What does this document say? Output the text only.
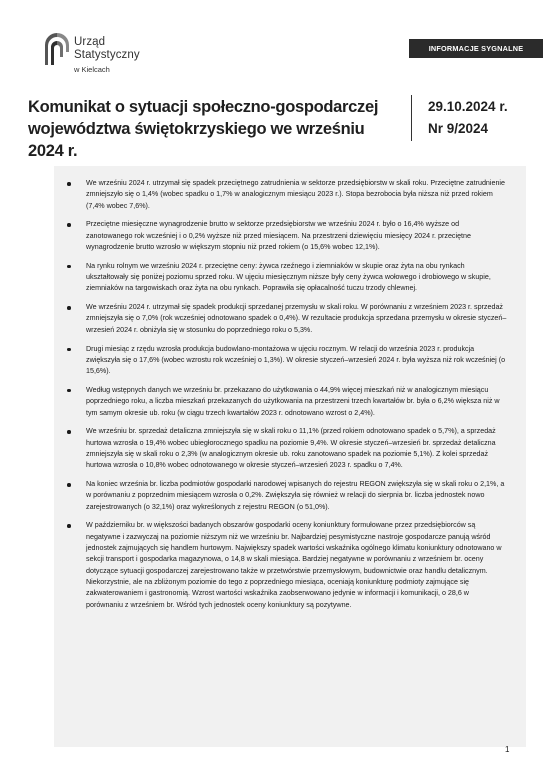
Urząd Statystyczny
w Kielcach
INFORMACJE SYGNALNE
Komunikat o sytuacji społeczno-gospodarczej
województwa świętokrzyskiego we wrześniu 2024 r.
29.10.2024 r.
Nr 9/2024
We wrześniu 2024 r. utrzymał się spadek przeciętnego zatrudnienia w sektorze przedsiębiorstw w skali roku. Przeciętne zatrudnienie zmniejszyło się o 1,4% (wobec spadku o 1,7% w analogicznym miesiącu 2023 r.). Stopa bezrobocia była niższa niż przed rokiem (7,4% wobec 7,6%).
Przeciętne miesięczne wynagrodzenie brutto w sektorze przedsiębiorstw we wrześniu 2024 r. było o 16,4% wyższe od zanotowanego rok wcześniej i o 0,2% wyższe niż przed miesiącem. Na przestrzeni dziewięciu miesięcy 2024 r. przeciętne wynagrodzenie brutto wzrosło w większym stopniu niż przed rokiem (o 15,6% wobec 12,1%).
Na rynku rolnym we wrześniu 2024 r. przeciętne ceny: żywca rzeźnego i ziemniaków w skupie oraz żyta na obu rynkach ukształtowały się poniżej poziomu sprzed roku. W ujęciu miesięcznym niższe były ceny żywca wołowego i drobiowego w skupie, ziemniaków na targowiskach oraz żyta na obu rynkach. Poprawiła się opłacalność tuczu trzody chlewnej.
We wrześniu 2024 r. utrzymał się spadek produkcji sprzedanej przemysłu w skali roku. W porównaniu z wrześniem 2023 r. sprzedaż zmniejszyła się o 7,0% (rok wcześniej odnotowano spadek o 0,4%). W rezultacie produkcja sprzedana przemysłu w okresie styczeń–wrzesień 2024 r. obniżyła się w stosunku do poprzedniego roku o 5,3%.
Drugi miesiąc z rzędu wzrosła produkcja budowlano-montażowa w ujęciu rocznym. W relacji do września 2023 r. produkcja zwiększyła się o 17,6% (wobec wzrostu rok wcześniej o 1,3%). W okresie styczeń–wrzesień 2024 r. była wyższa niż rok wcześniej (o 15,6%).
Według wstępnych danych we wrześniu br. przekazano do użytkowania o 44,9% więcej mieszkań niż w analogicznym miesiącu poprzedniego roku, a liczba mieszkań przekazanych do użytkowania na przestrzeni trzech kwartałów br. była o 6,2% większa niż w tym samym okresie ub. roku (w ciągu trzech kwartałów 2023 r. odnotowano wzrost o 2,4%).
We wrześniu br. sprzedaż detaliczna zmniejszyła się w skali roku o 11,1% (przed rokiem odnotowano spadek o 5,7%), a sprzedaż hurtowa wzrosła o 19,4% wobec ubiegłorocznego spadku na poziomie 9,4%. W okresie styczeń–wrzesień br. sprzedaż detaliczna zmniejszyła się w skali roku o 2,3% (w analogicznym okresie ub. roku zanotowano spadek na poziomie 5,1%). Z kolei sprzedaż hurtowa wzrosła o 10,8% wobec odnotowanego w okresie styczeń–wrzesień 2023 r. spadku o 7,4%.
Na koniec września br. liczba podmiotów gospodarki narodowej wpisanych do rejestru REGON zwiększyła się w skali roku o 2,1%, a w porównaniu z poprzednim miesiącem wzrosła o 0,2%. Zwiększyła się również w relacji do sierpnia br. liczba jednostek nowo zarejestrowanych (o 32,1%) oraz wykreślonych z rejestru REGON (o 51,0%).
W październiku br. w większości badanych obszarów gospodarki oceny koniunktury formułowane przez przedsiębiorców są negatywne i zazwyczaj na poziomie niższym niż we wrześniu br. Najbardziej pesymistyczne nastroje gospodarcze panują wśród jednostek zajmujących się handlem hurtowym. Największy spadek wartości wskaźnika ogólnego klimatu koniunktury odnotowano w sekcji transport i gospodarka magazynowa, o 14,8 w skali miesiąca. Bardziej negatywne w porównaniu z wrześniem br. oceny dotyczące sytuacji gospodarczej zarejestrowano także w przetwórstwie przemysłowym, budownictwie oraz handlu detalicznym. Niekorzystnie, ale na zbliżonym poziomie do tego z poprzedniego miesiąca, oceniają koniunkturę podmioty zajmujące się zakwaterowaniem i gastronomią. Wzrost wartości wskaźnika zaobserwowano jedynie w informacji i komunikacji, o 28,6 w porównaniu z wrześniem br. Wśród tych jednostek oceny koniunktury są pozytywne.
1
